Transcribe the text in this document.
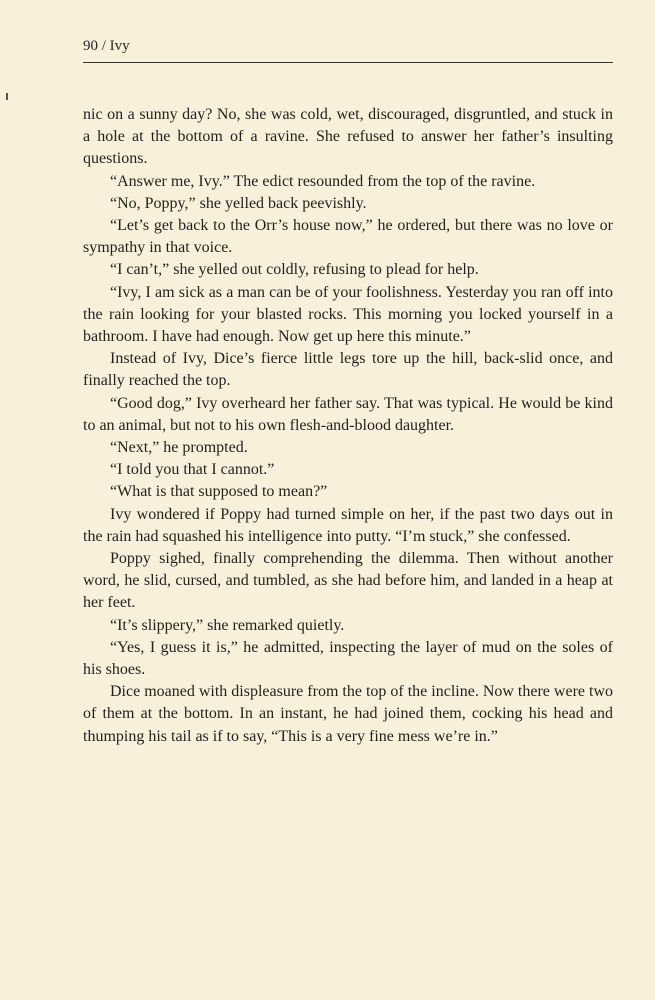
90 / Ivy

nic on a sunny day? No, she was cold, wet, discouraged, disgruntled, and stuck in a hole at the bottom of a ravine. She refused to answer her father’s insulting questions.

“Answer me, Ivy.” The edict resounded from the top of the ravine.

“No, Poppy,” she yelled back peevishly.

“Let’s get back to the Orr’s house now,” he ordered, but there was no love or sympathy in that voice.

“I can’t,” she yelled out coldly, refusing to plead for help.

“Ivy, I am sick as a man can be of your foolishness. Yesterday you ran off into the rain looking for your blasted rocks. This morning you locked yourself in a bathroom. I have had enough. Now get up here this minute.”

Instead of Ivy, Dice’s fierce little legs tore up the hill, back-slid once, and finally reached the top.

“Good dog,” Ivy overheard her father say. That was typical. He would be kind to an animal, but not to his own flesh-and-blood daughter.

“Next,” he prompted.

“I told you that I cannot.”

“What is that supposed to mean?”

Ivy wondered if Poppy had turned simple on her, if the past two days out in the rain had squashed his intelligence into putty. “I’m stuck,” she confessed.

Poppy sighed, finally comprehending the dilemma. Then without another word, he slid, cursed, and tumbled, as she had before him, and landed in a heap at her feet.

“It’s slippery,” she remarked quietly.

“Yes, I guess it is,” he admitted, inspecting the layer of mud on the soles of his shoes.

Dice moaned with displeasure from the top of the incline. Now there were two of them at the bottom. In an instant, he had joined them, cocking his head and thumping his tail as if to say, “This is a very fine mess we’re in.”
